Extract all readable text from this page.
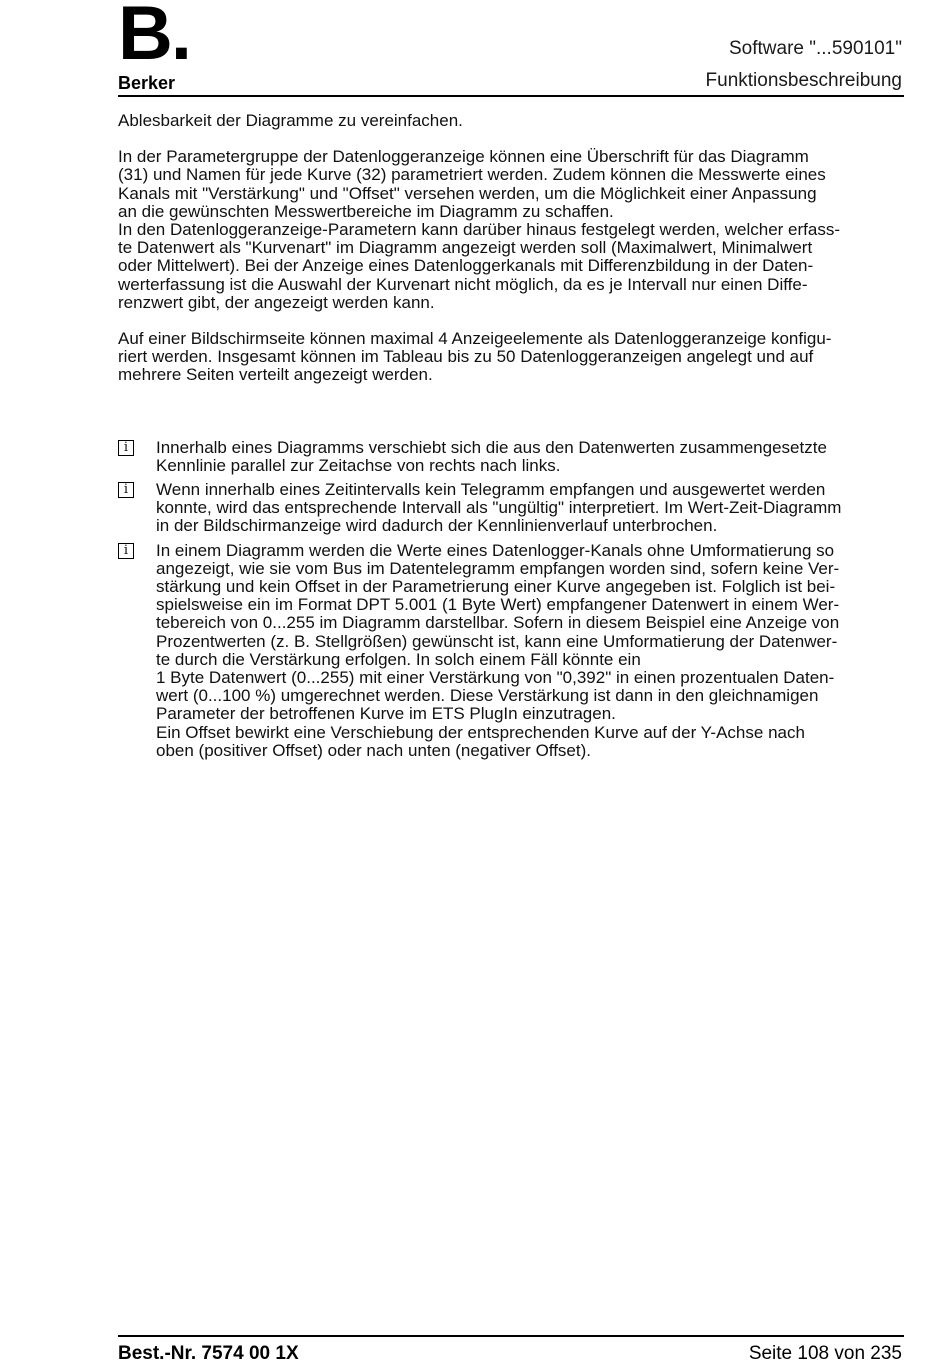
B.
Berker
Software "...590101"
Funktionsbeschreibung

Ablesbarkeit der Diagramme zu vereinfachen.

In der Parametergruppe der Datenloggeranzeige können eine Überschrift für das Diagramm
(31) und Namen für jede Kurve (32) parametriert werden. Zudem können die Messwerte eines
Kanals mit "Verstärkung" und "Offset" versehen werden, um die Möglichkeit einer Anpassung
an die gewünschten Messwertbereiche im Diagramm zu schaffen.
In den Datenloggeranzeige-Parametern kann darüber hinaus festgelegt werden, welcher erfass-
te Datenwert als "Kurvenart" im Diagramm angezeigt werden soll (Maximalwert, Minimalwert
oder Mittelwert). Bei der Anzeige eines Datenloggerkanals mit Differenzbildung in der Daten-
werterfassung ist die Auswahl der Kurvenart nicht möglich, da es je Intervall nur einen Diffe-
renzwert gibt, der angezeigt werden kann.

Auf einer Bildschirmseite können maximal 4 Anzeigeelemente als Datenloggeranzeige konfigu-
riert werden. Insgesamt können im Tableau bis zu 50 Datenloggeranzeigen angelegt und auf
mehrere Seiten verteilt angezeigt werden.

i	Innerhalb eines Diagramms verschiebt sich die aus den Datenwerten zusammengesetzte
Kennlinie parallel zur Zeitachse von rechts nach links.
i	Wenn innerhalb eines Zeitintervalls kein Telegramm empfangen und ausgewertet werden
konnte, wird das entsprechende Intervall als "ungültig" interpretiert. Im Wert-Zeit-Diagramm
in der Bildschirmanzeige wird dadurch der Kennlinienverlauf unterbrochen.
i	In einem Diagramm werden die Werte eines Datenlogger-Kanals ohne Umformatierung so
angezeigt, wie sie vom Bus im Datentelegramm empfangen worden sind, sofern keine Ver-
stärkung und kein Offset in der Parametrierung einer Kurve angegeben ist. Folglich ist bei-
spielsweise ein im Format DPT 5.001 (1 Byte Wert) empfangener Datenwert in einem Wer-
tebereich von 0...255 im Diagramm darstellbar. Sofern in diesem Beispiel eine Anzeige von
Prozentwerten (z. B. Stellgrößen) gewünscht ist, kann eine Umformatierung der Datenwer-
te durch die Verstärkung erfolgen. In solch einem Fäll könnte ein
1 Byte Datenwert (0...255) mit einer Verstärkung von "0,392" in einen prozentualen Daten-
wert (0...100 %) umgerechnet werden. Diese Verstärkung ist dann in den gleichnamigen
Parameter der betroffenen Kurve im ETS PlugIn einzutragen.
Ein Offset bewirkt eine Verschiebung der entsprechenden Kurve auf der Y-Achse nach
oben (positiver Offset) oder nach unten (negativer Offset).
Best.-Nr. 7574 00 1X	Seite 108 von 235
